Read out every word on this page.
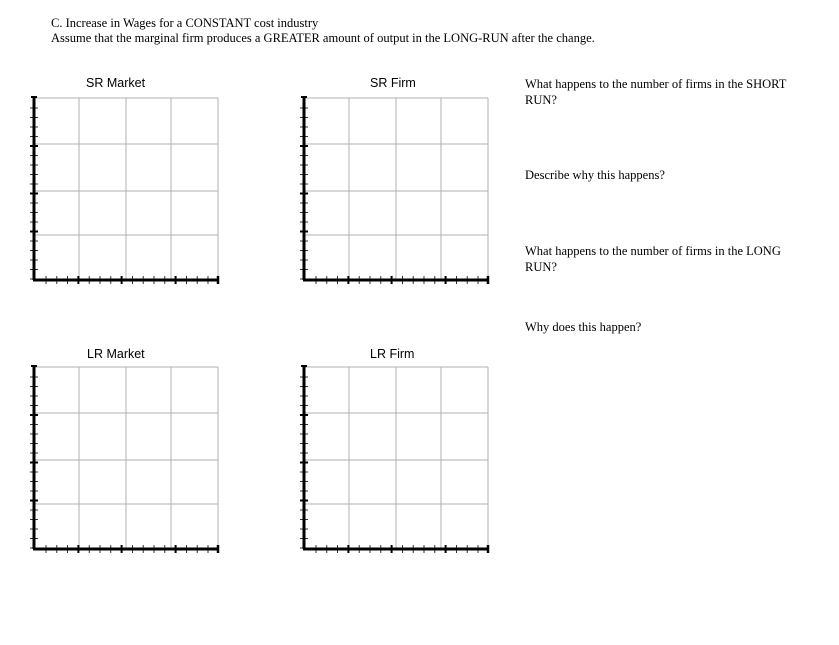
C. Increase in Wages for a CONSTANT cost industry
Assume that the marginal firm produces a GREATER amount of output in the LONG-RUN after the change.
SR Market	SR Firm
LR Market	LR Firm
What happens to the number of firms in the SHORT RUN?
Describe why this happens?
What happens to the number of firms in the LONG RUN?
Why does this happen?
